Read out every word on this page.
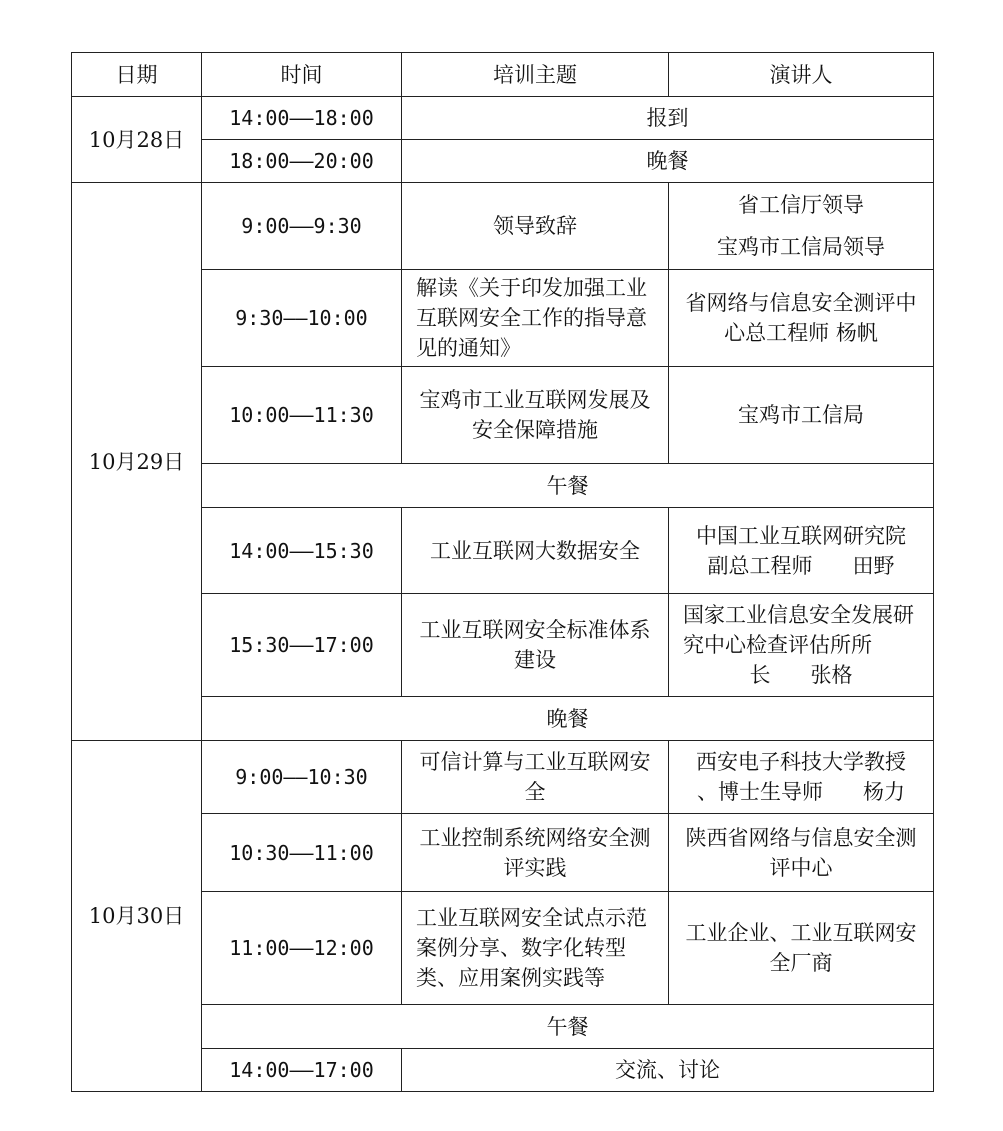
日期	时间	培训主题	演讲人
10月28日	14:00——18:00	报到	
	18:00——20:00	晚餐	
10月29日	9:00——9:30	领导致辞	省工信厅领导
宝鸡市工信局领导

	9:30——10:00	解读《关于印发加强工业互联网安全工作的指导意见的通知》	省网络与信息安全测评中心总工程师 杨帆
	10:00——11:30	宝鸡市工业互联网发展及安全保障措施	宝鸡市工信局
	午餐		
	14:00——15:30	工业互联网大数据安全	中国工业互联网研究院
副总工程师 田野

	15:30——17:00	工业互联网安全标准体系建设	国家工业信息安全发展研究中心检查评估所所
长 张格

	晚餐		
10月30日	9:00——10:30	可信计算与工业互联网安全	西安电子科技大学教授
、博士生导师 杨力

	10:30——11:00	工业控制系统网络安全测评实践	陕西省网络与信息安全测评中心
	11:00——12:00	工业互联网安全试点示范案例分享、数字化转型类、应用案例实践等	工业企业、工业互联网安全厂商
	午餐		
	14:00——17:00	交流、讨论	
